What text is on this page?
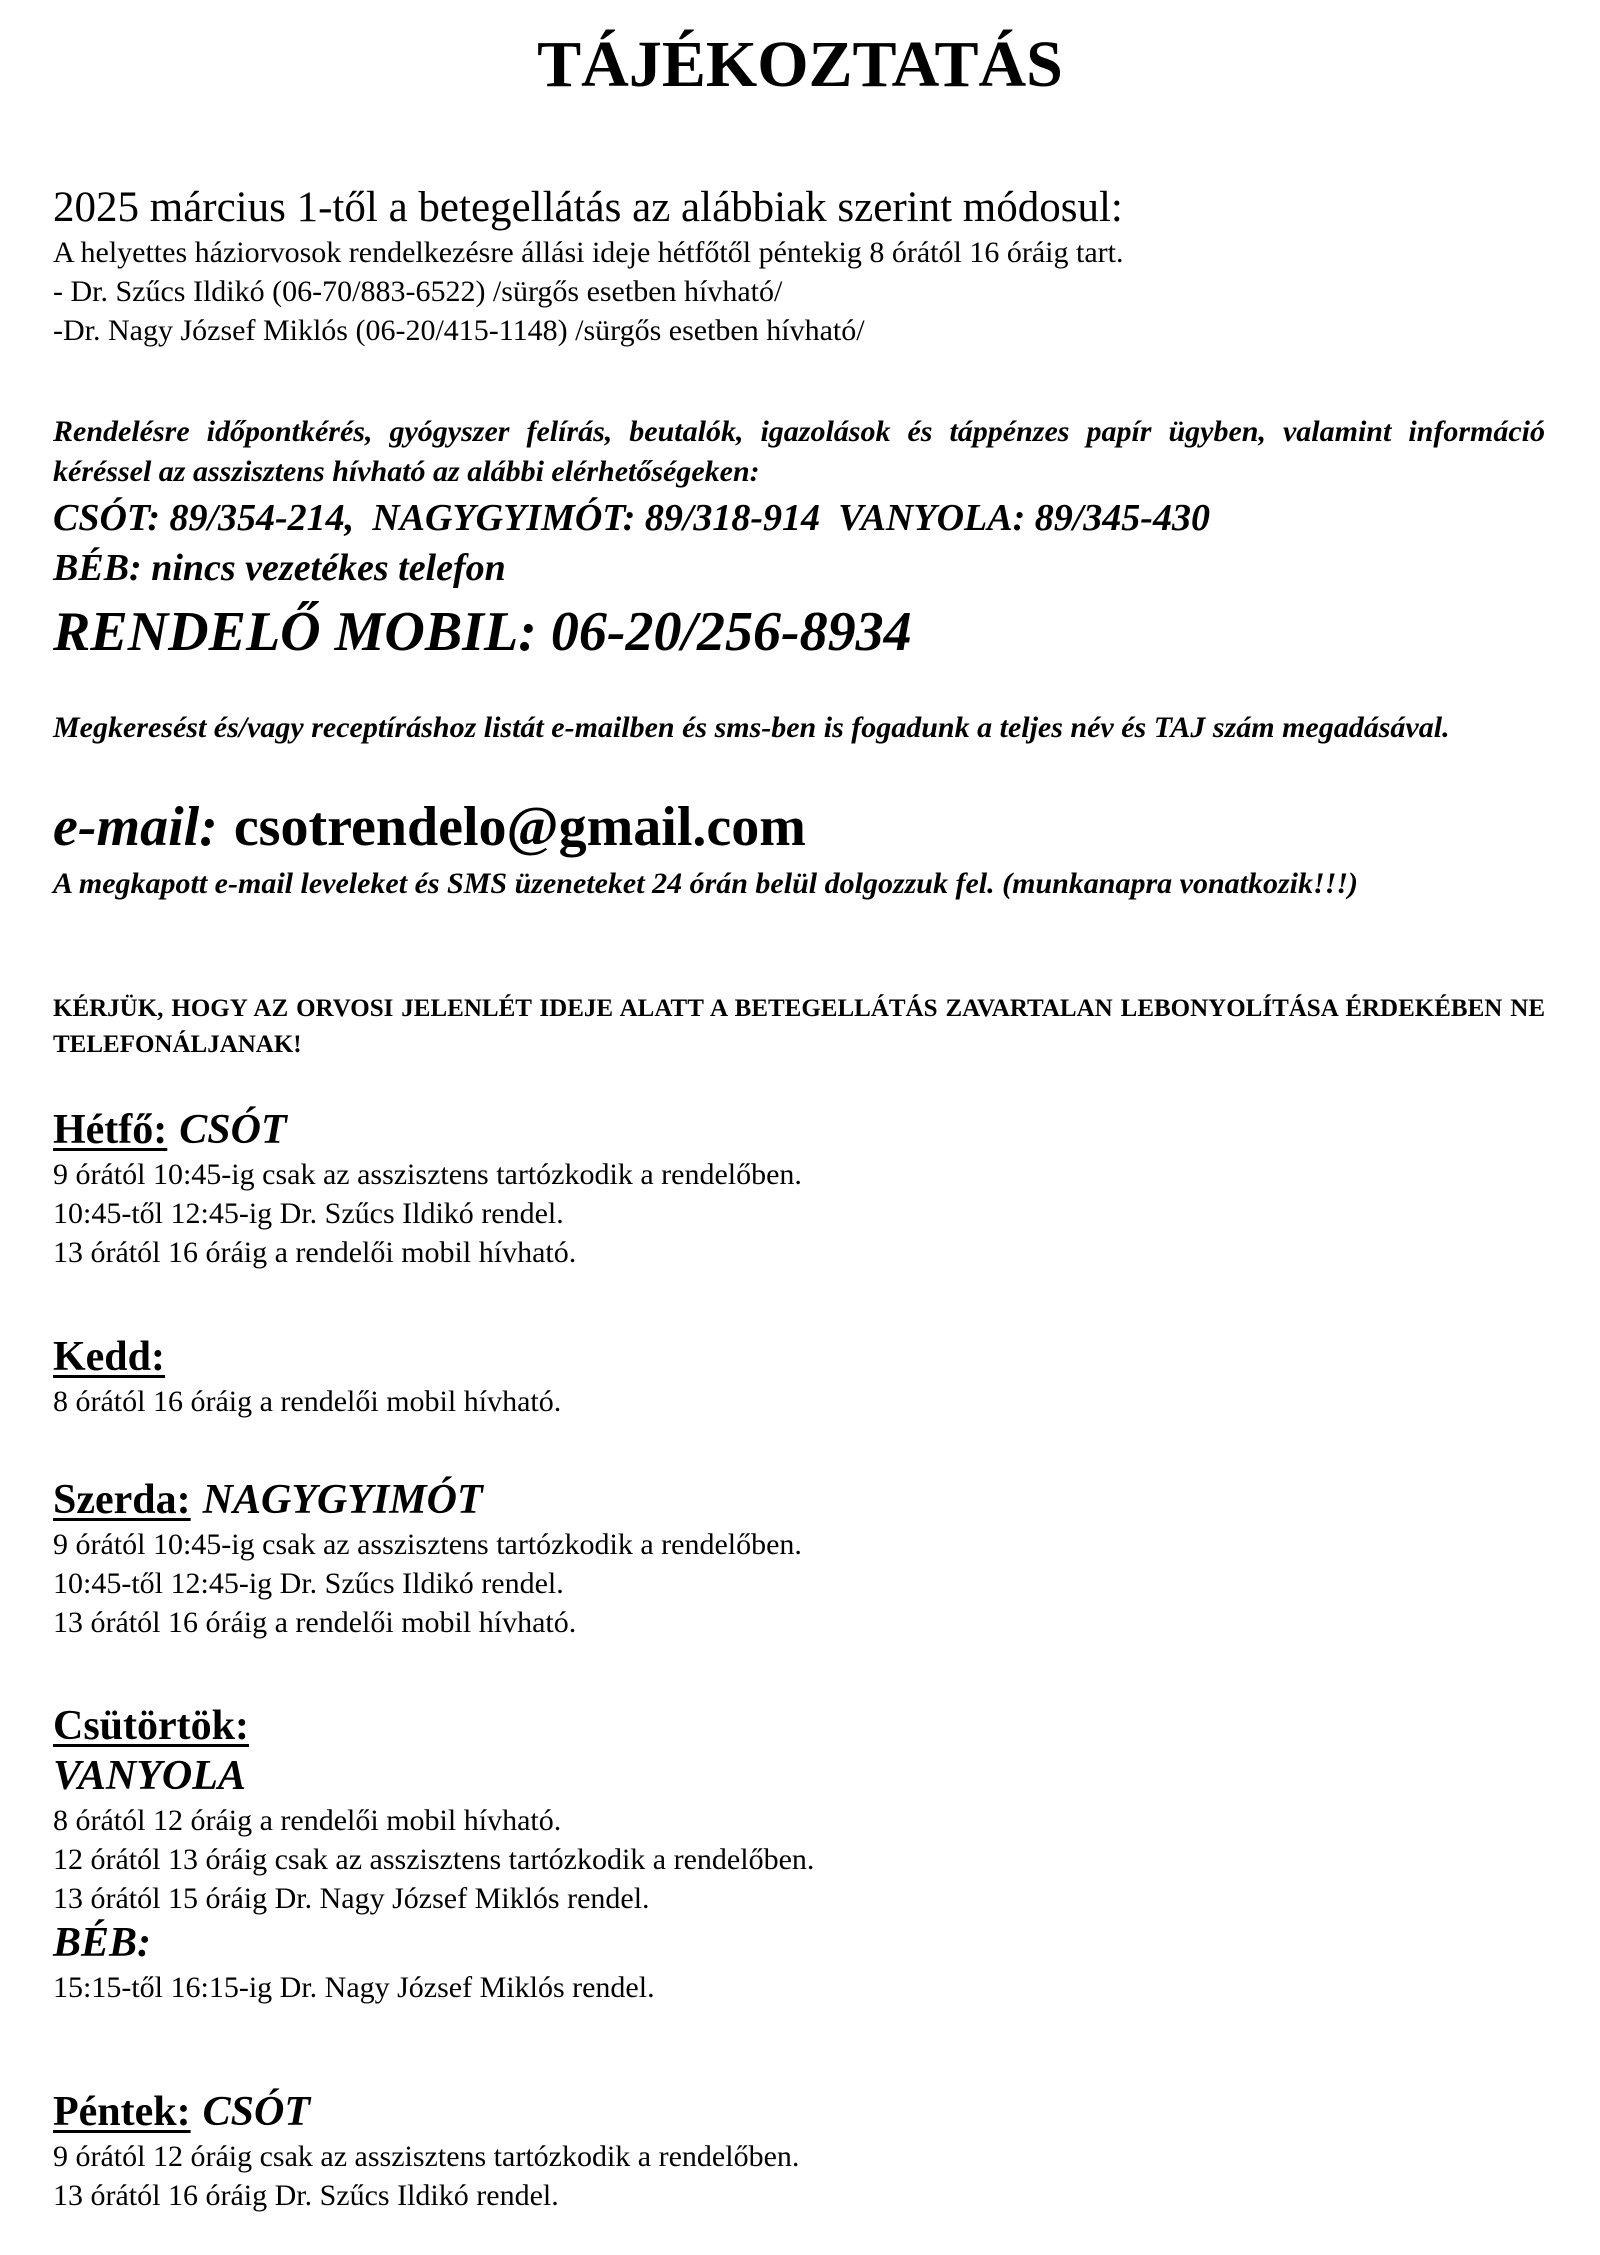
TÁJÉKOZTATÁS
2025 március 1-től a betegellátás az alábbiak szerint módosul:
A helyettes háziorvosok rendelkezésre állási ideje hétfőtől péntekig 8 órától 16 óráig tart.
- Dr. Szűcs Ildikó (06-70/883-6522) /sürgős esetben hívható/
-Dr. Nagy József Miklós (06-20/415-1148) /sürgős esetben hívható/
Rendelésre időpontkérés, gyógyszer felírás, beutalók, igazolások és táppénzes papír ügyben, valamint információ kéréssel az asszisztens hívható az alábbi elérhetőségeken:
CSÓT: 89/354-214, NAGYGYIMÓT: 89/318-914 VANYOLA: 89/345-430
BÉB: nincs vezetékes telefon
RENDELŐ MOBIL: 06-20/256-8934
Megkeresést és/vagy receptíráshoz listát e-mailben és sms-ben is fogadunk a teljes név és TAJ szám megadásával.
e-mail: csotrendelo@gmail.com
A megkapott e-mail leveleket és SMS üzeneteket 24 órán belül dolgozzuk fel. (munkanapra vonatkozik!!!)
KÉRJÜK, HOGY AZ ORVOSI JELENLÉT IDEJE ALATT A BETEGELLÁTÁS ZAVARTALAN LEBONYOLÍTÁSA ÉRDEKÉBEN NE TELEFONÁLJANAK!
Hétfő: CSÓT
9 órától 10:45-ig csak az asszisztens tartózkodik a rendelőben.
10:45-től 12:45-ig Dr. Szűcs Ildikó rendel.
13 órától 16 óráig a rendelői mobil hívható.
Kedd:
8 órától 16 óráig a rendelői mobil hívható.
Szerda: NAGYGYIMÓT
9 órától 10:45-ig csak az asszisztens tartózkodik a rendelőben.
10:45-től 12:45-ig Dr. Szűcs Ildikó rendel.
13 órától 16 óráig a rendelői mobil hívható.
Csütörtök:
VANYOLA
8 órától 12 óráig a rendelői mobil hívható.
12 órától 13 óráig csak az asszisztens tartózkodik a rendelőben.
13 órától 15 óráig Dr. Nagy József Miklós rendel.
BÉB:
15:15-től 16:15-ig Dr. Nagy József Miklós rendel.
Péntek: CSÓT
9 órától 12 óráig csak az asszisztens tartózkodik a rendelőben.
13 órától 16 óráig Dr. Szűcs Ildikó rendel.
